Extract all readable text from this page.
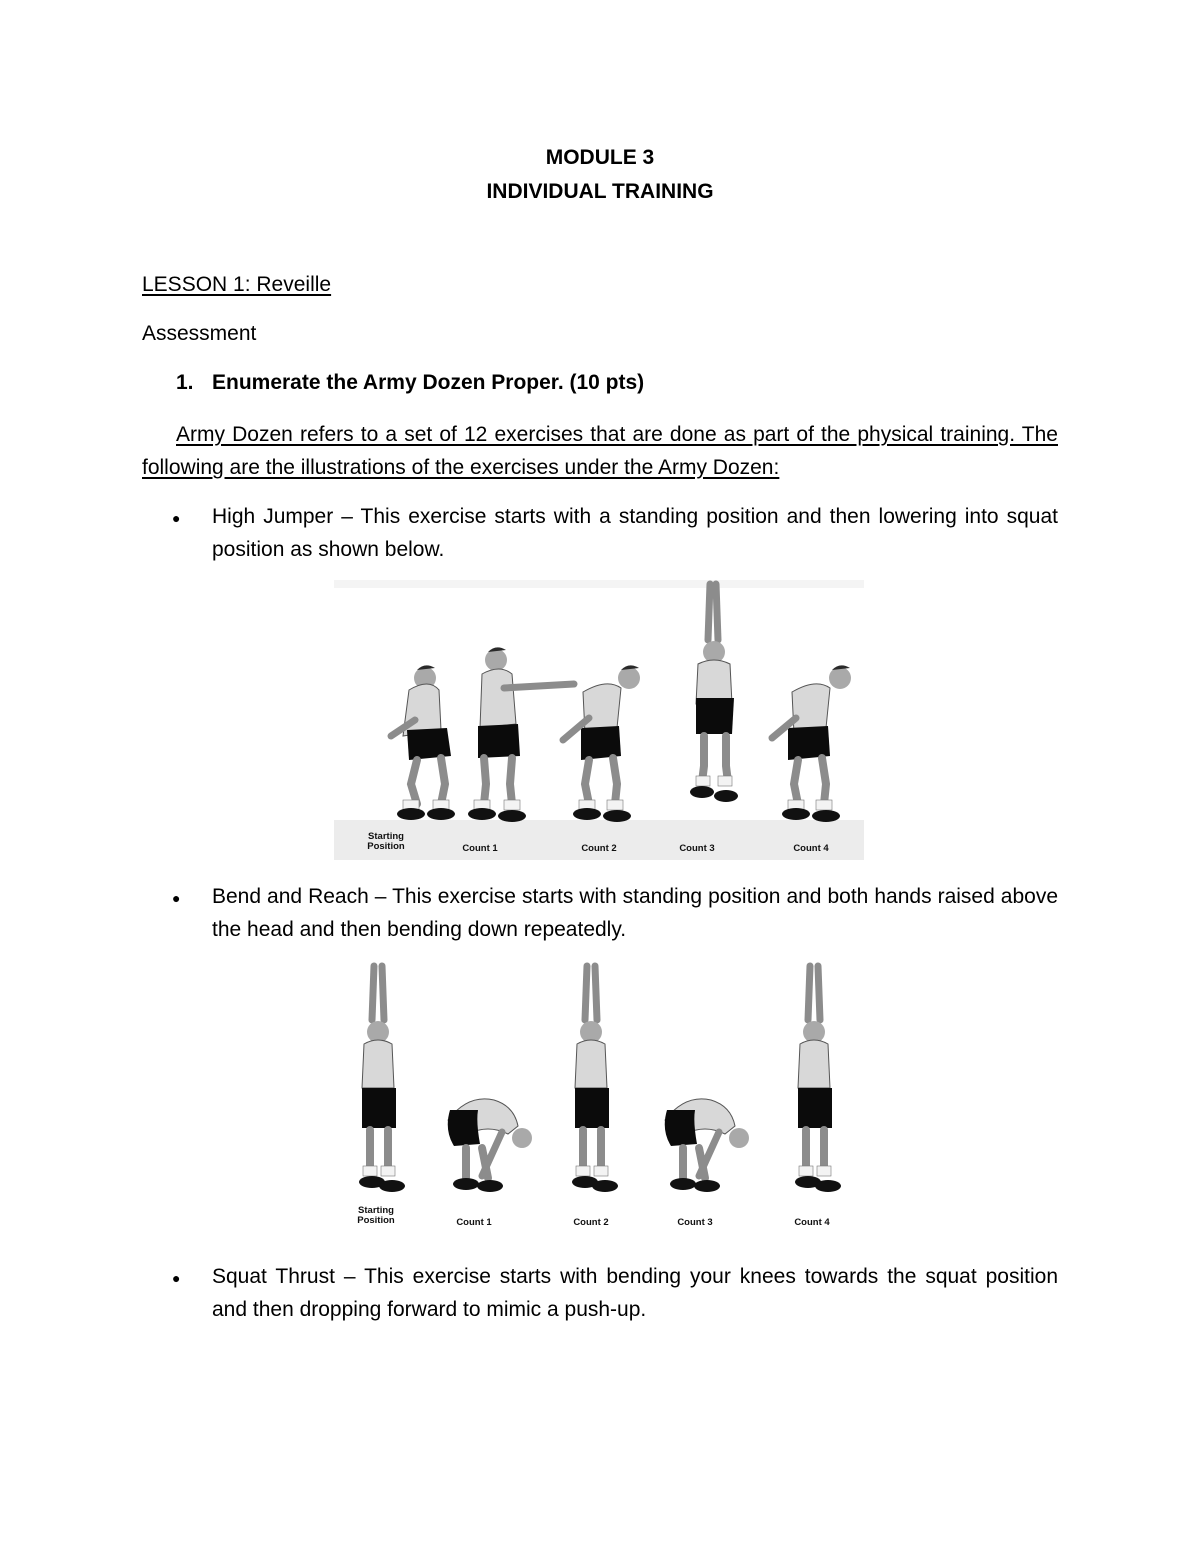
MODULE 3
INDIVIDUAL TRAINING
LESSON 1: Reveille
Assessment
1. Enumerate the Army Dozen Proper. (10 pts)
Army Dozen refers to a set of 12 exercises that are done as part of the physical training. The following are the illustrations of the exercises under the Army Dozen:
● High Jumper – This exercise starts with a standing position and then lowering into squat position as shown below.
Starting
Position	Count 1	Count 2	Count 3	Count 4
● Bend and Reach – This exercise starts with standing position and both hands raised above the head and then bending down repeatedly.
Starting
Position	Count 1	Count 2	Count 3	Count 4
● Squat Thrust – This exercise starts with bending your knees towards the squat position and then dropping forward to mimic a push-up.
